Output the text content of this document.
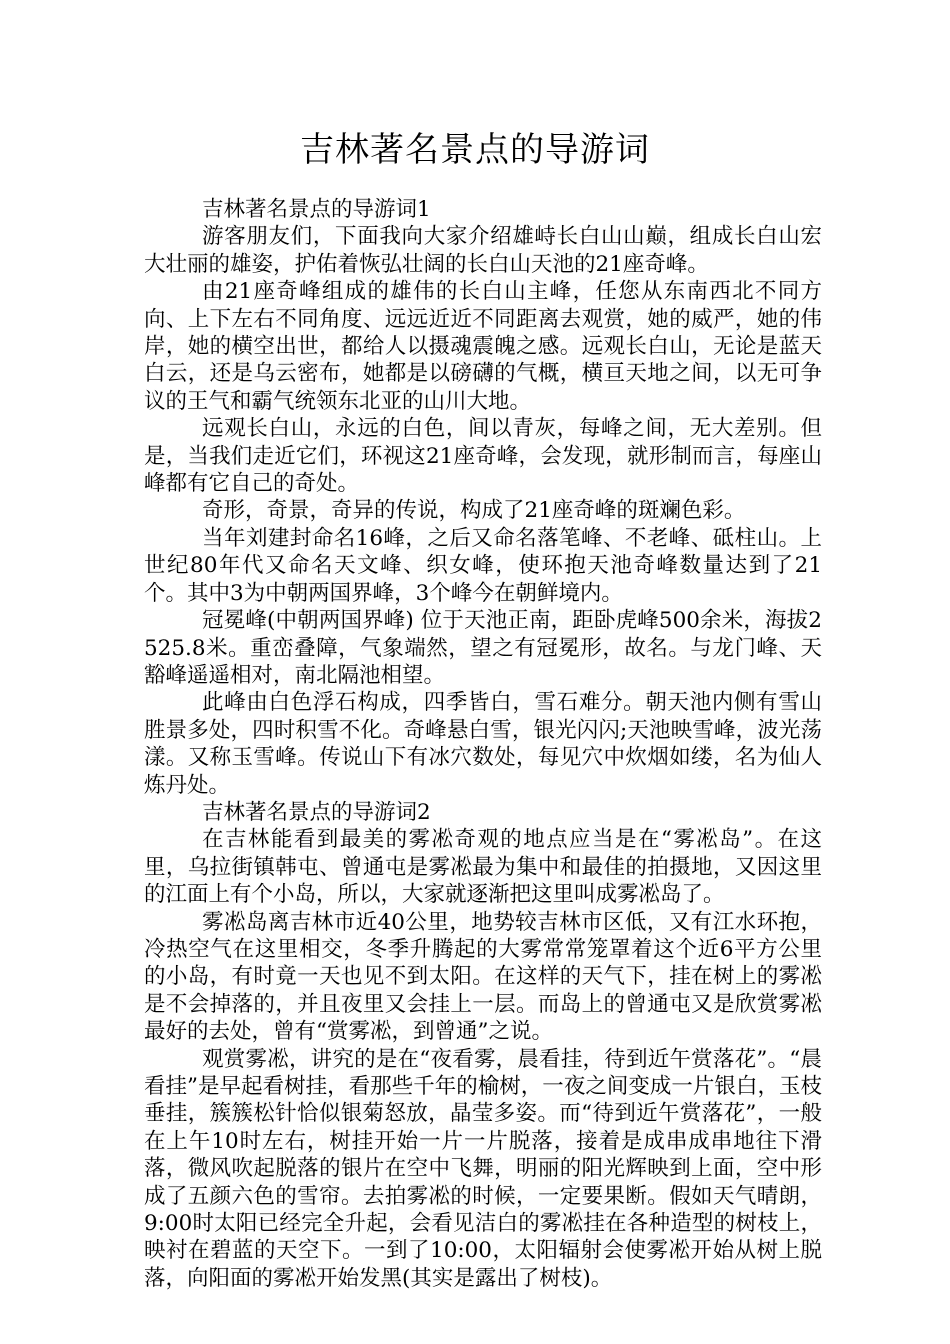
吉林著名景点的导游词

吉林著名景点的导游词1

游客朋友们，下面我向大家介绍雄峙长白山山巅，组成长白山宏大壮丽的雄姿，护佑着恢弘壮阔的长白山天池的21座奇峰。

由21座奇峰组成的雄伟的长白山主峰，任您从东南西北不同方向、上下左右不同角度、远远近近不同距离去观赏，她的威严，她的伟岸，她的横空出世，都给人以摄魂震魄之感。远观长白山，无论是蓝天白云，还是乌云密布，她都是以磅礴的气概，横亘天地之间，以无可争议的王气和霸气统领东北亚的山川大地。

远观长白山，永远的白色，间以青灰，每峰之间，无大差别。但是，当我们走近它们，环视这21座奇峰，会发现，就形制而言，每座山峰都有它自己的奇处。

奇形，奇景，奇异的传说，构成了21座奇峰的斑斓色彩。

当年刘建封命名16峰，之后又命名落笔峰、不老峰、砥柱山。上世纪80年代又命名天文峰、织女峰，使环抱天池奇峰数量达到了21个。其中3为中朝两国界峰，3个峰今在朝鲜境内。

冠冕峰(中朝两国界峰) 位于天池正南，距卧虎峰500余米，海拔2525.8米。重峦叠障，气象端然，望之有冠冕形，故名。与龙门峰、天豁峰遥遥相对，南北隔池相望。

此峰由白色浮石构成，四季皆白，雪石难分。朝天池内侧有雪山胜景多处，四时积雪不化。奇峰悬白雪，银光闪闪;天池映雪峰，波光荡漾。又称玉雪峰。传说山下有冰穴数处，每见穴中炊烟如缕，名为仙人炼丹处。

吉林著名景点的导游词2

在吉林能看到最美的雾凇奇观的地点应当是在“雾凇岛”。在这里，乌拉街镇韩屯、曾通屯是雾凇最为集中和最佳的拍摄地，又因这里的江面上有个小岛，所以，大家就逐渐把这里叫成雾凇岛了。

雾凇岛离吉林市近40公里，地势较吉林市区低，又有江水环抱，冷热空气在这里相交，冬季升腾起的大雾常常笼罩着这个近6平方公里的小岛，有时竟一天也见不到太阳。在这样的天气下，挂在树上的雾凇是不会掉落的，并且夜里又会挂上一层。而岛上的曾通屯又是欣赏雾凇最好的去处，曾有“赏雾凇，到曾通”之说。

观赏雾凇，讲究的是在“夜看雾，晨看挂，待到近午赏落花”。“晨看挂”是早起看树挂，看那些千年的榆树，一夜之间变成一片银白，玉枝垂挂，簇簇松针恰似银菊怒放，晶莹多姿。而“待到近午赏落花”，一般在上午10时左右，树挂开始一片一片脱落，接着是成串成串地往下滑落，微风吹起脱落的银片在空中飞舞，明丽的阳光辉映到上面，空中形成了五颜六色的雪帘。去拍雾凇的时候，一定要果断。假如天气晴朗，9:00时太阳已经完全升起，会看见洁白的雾凇挂在各种造型的树枝上，映衬在碧蓝的天空下。一到了10:00，太阳辐射会使雾凇开始从树上脱落，向阳面的雾凇开始发黑(其实是露出了树枝)。
